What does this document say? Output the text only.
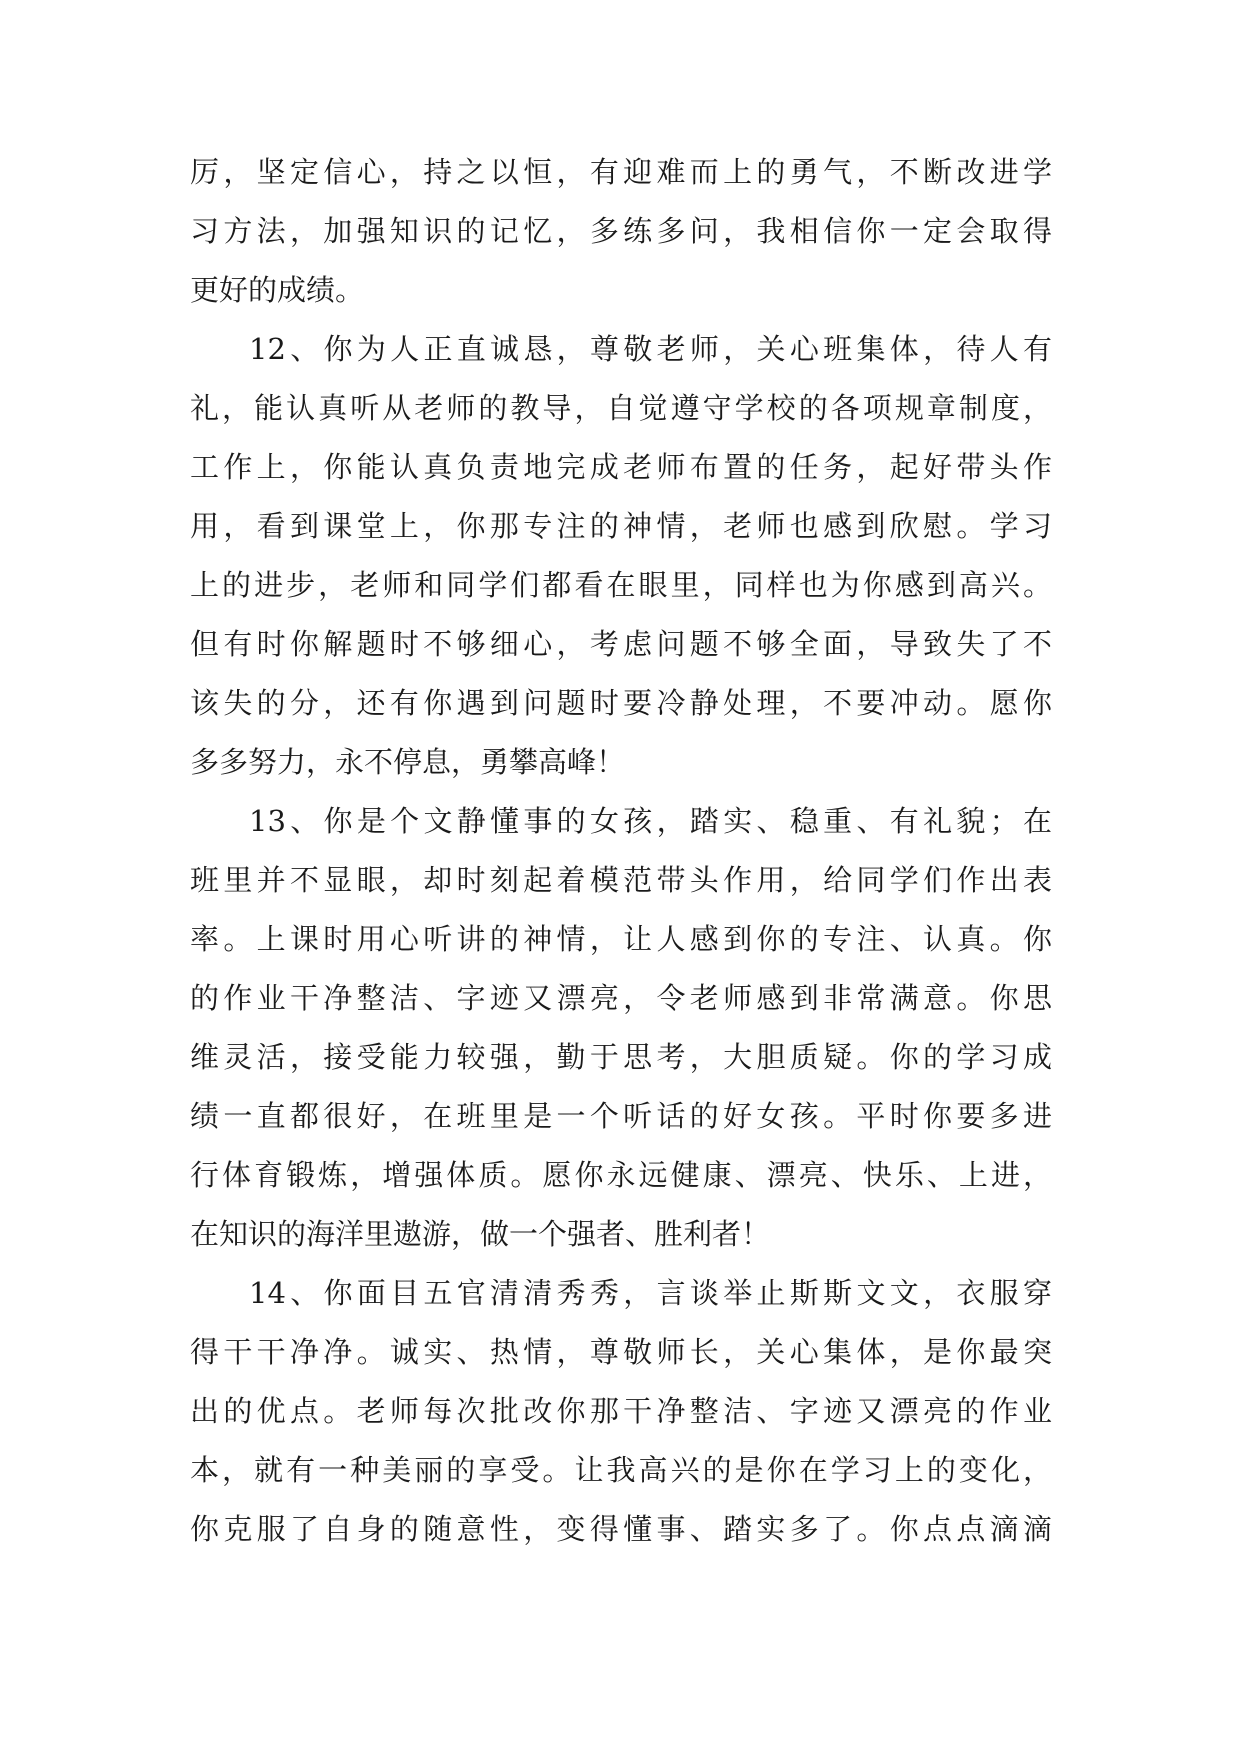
厉，坚定信心，持之以恒，有迎难而上的勇气，不断改进学
习方法，加强知识的记忆，多练多问，我相信你一定会取得
更好的成绩。
12、你为人正直诚恳，尊敬老师，关心班集体，待人有
礼，能认真听从老师的教导，自觉遵守学校的各项规章制度，
工作上，你能认真负责地完成老师布置的任务，起好带头作
用，看到课堂上，你那专注的神情，老师也感到欣慰。学习
上的进步，老师和同学们都看在眼里，同样也为你感到高兴。
但有时你解题时不够细心，考虑问题不够全面，导致失了不
该失的分，还有你遇到问题时要冷静处理，不要冲动。愿你
多多努力，永不停息，勇攀高峰！
13、你是个文静懂事的女孩，踏实、稳重、有礼貌；在
班里并不显眼，却时刻起着模范带头作用，给同学们作出表
率。上课时用心听讲的神情，让人感到你的专注、认真。你
的作业干净整洁、字迹又漂亮，令老师感到非常满意。你思
维灵活，接受能力较强，勤于思考，大胆质疑。你的学习成
绩一直都很好，在班里是一个听话的好女孩。平时你要多进
行体育锻炼，增强体质。愿你永远健康、漂亮、快乐、上进，
在知识的海洋里遨游，做一个强者、胜利者！
14、你面目五官清清秀秀，言谈举止斯斯文文，衣服穿
得干干净净。诚实、热情，尊敬师长，关心集体，是你最突
出的优点。老师每次批改你那干净整洁、字迹又漂亮的作业
本，就有一种美丽的享受。让我高兴的是你在学习上的变化，
你克服了自身的随意性，变得懂事、踏实多了。你点点滴滴
